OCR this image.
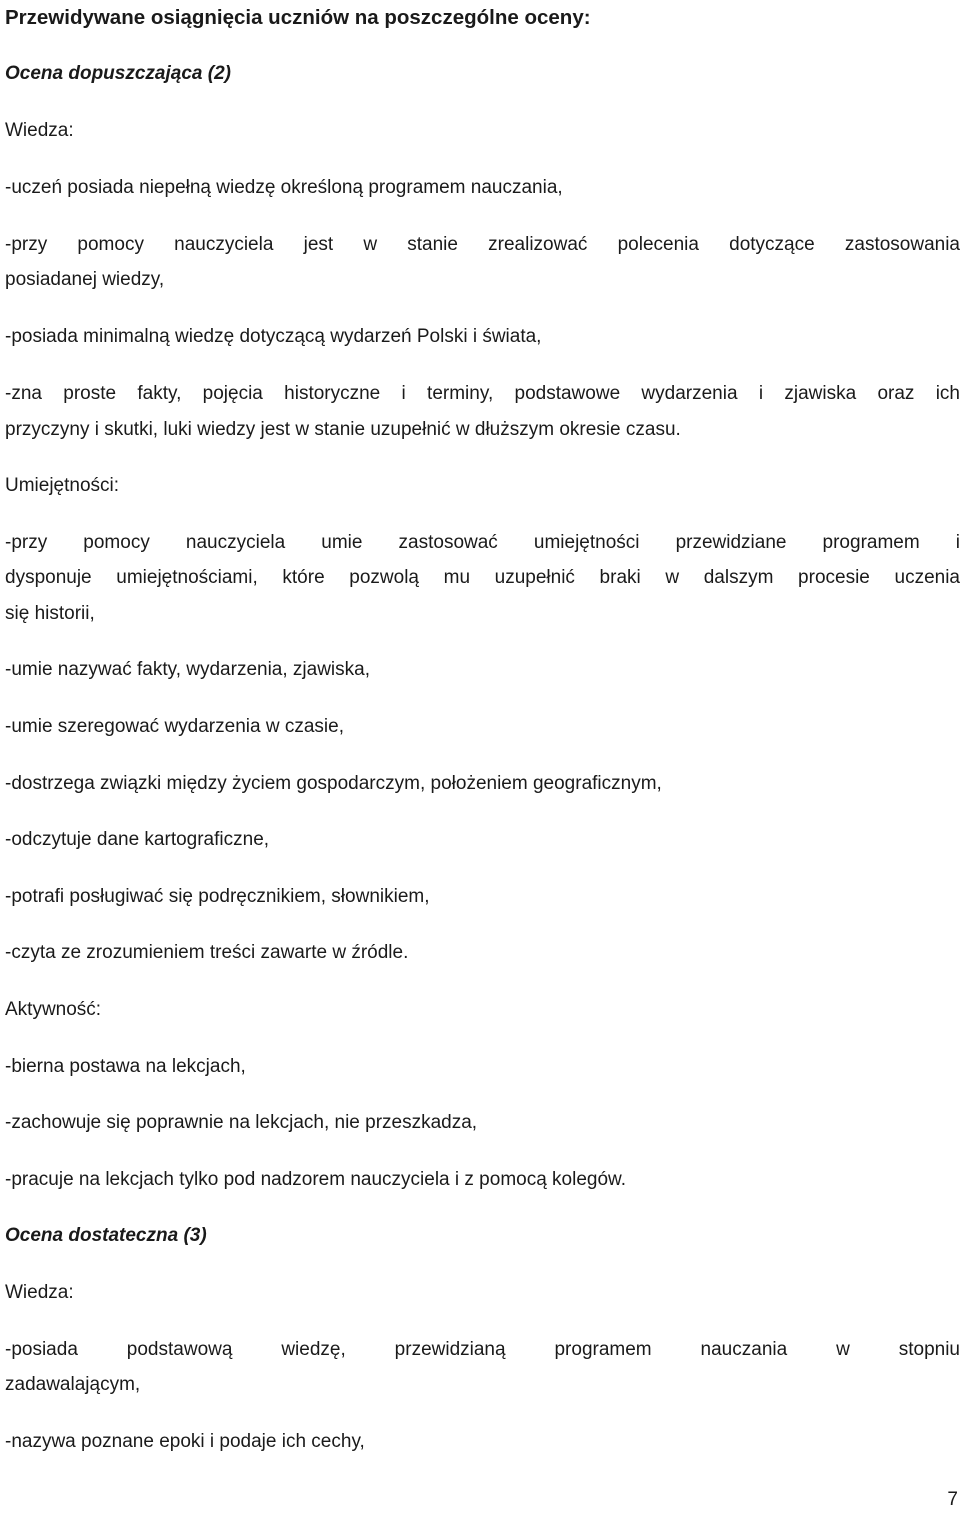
Przewidywane osiągnięcia uczniów na poszczególne oceny:

Ocena dopuszczająca (2)

Wiedza:

-uczeń posiada niepełną wiedzę określoną programem nauczania,

-przy pomocy nauczyciela jest w stanie zrealizować polecenia dotyczące zastosowania

posiadanej wiedzy,

-posiada minimalną wiedzę dotyczącą wydarzeń Polski i świata,

-zna proste fakty, pojęcia historyczne i terminy, podstawowe wydarzenia i zjawiska oraz ich

przyczyny i skutki, luki wiedzy jest w stanie uzupełnić w dłuższym okresie czasu.

Umiejętności:

-przy pomocy nauczyciela umie zastosować umiejętności przewidziane programem i

dysponuje umiejętnościami, które pozwolą mu uzupełnić braki w dalszym procesie uczenia

się historii,

-umie nazywać fakty, wydarzenia, zjawiska,

-umie szeregować wydarzenia w czasie,

-dostrzega związki między życiem gospodarczym, położeniem geograficznym,

-odczytuje dane kartograficzne,

-potrafi posługiwać się podręcznikiem, słownikiem,

-czyta ze zrozumieniem treści zawarte w źródle.

Aktywność:

-bierna postawa na lekcjach,

-zachowuje się poprawnie na lekcjach, nie przeszkadza,

-pracuje na lekcjach tylko pod nadzorem nauczyciela i z pomocą kolegów.

Ocena dostateczna (3)

Wiedza:

-posiada podstawową wiedzę, przewidzianą programem nauczania w stopniu

zadawalającym,

-nazywa poznane epoki i podaje ich cechy,

7
